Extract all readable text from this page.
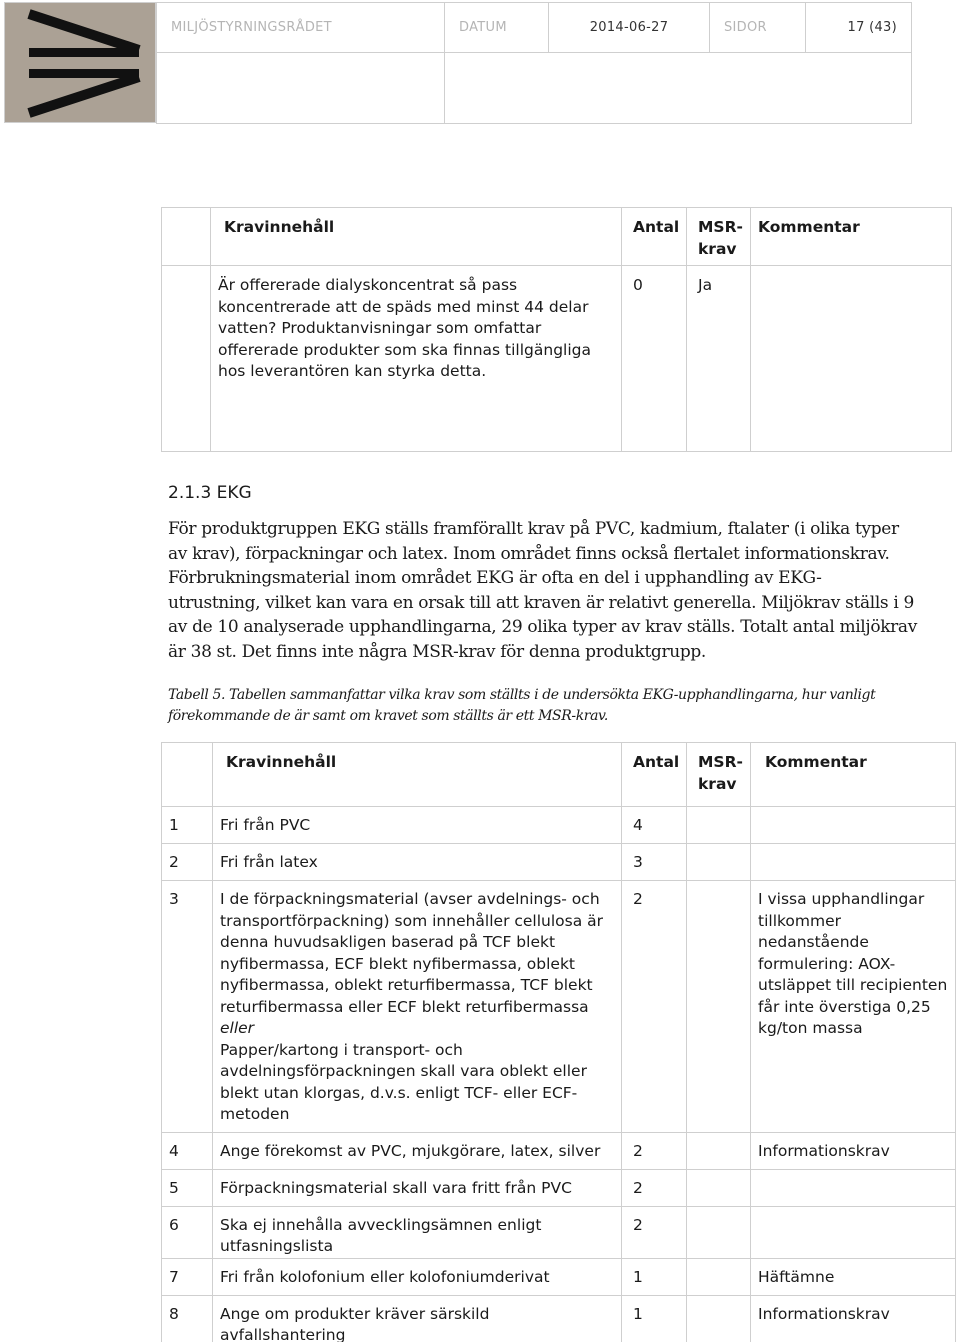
MILJÖSTYRNINGSRÅDET	DATUM	2014-06-27	SIDOR	17 (43)

	Kravinnehåll	Antal	MSR-krav	Kommentar
	Är offererade dialyskoncentrat så pass koncentrerade att de späds med minst 44 delar vatten? Produktanvisningar som omfattar offererade produkter som ska finnas tillgängliga hos leverantören kan styrka detta.	0	Ja	
2.1.3 EKG
För produktgruppen EKG ställs framförallt krav på PVC, kadmium, ftalater (i olika typer
av krav), förpackningar och latex. Inom området finns också flertalet informationskrav.
Förbrukningsmaterial inom området EKG är ofta en del i upphandling av EKG-
utrustning, vilket kan vara en orsak till att kraven är relativt generella. Miljökrav ställs i 9
av de 10 analyserade upphandlingarna, 29 olika typer av krav ställs. Totalt antal miljökrav
är 38 st. Det finns inte några MSR-krav för denna produktgrupp.
Tabell 5. Tabellen sammanfattar vilka krav som ställts i de undersökta EKG-upphandlingarna, hur vanligt
förekommande de är samt om kravet som ställts är ett MSR-krav.
	Kravinnehåll	Antal	MSR-krav	Kommentar
1	Fri från PVC	4		
2	Fri från latex	3		
3	I de förpackningsmaterial (avser avdelnings- och transportförpackning) som innehåller cellulosa är denna huvudsakligen baserad på TCF blekt nyfibermassa, ECF blekt nyfibermassa, oblekt nyfibermassa, oblekt returfibermassa, TCF blekt returfibermassa eller ECF blekt returfibermassa
eller
Papper/kartong i transport- och avdelningsförpackningen skall vara oblekt eller blekt utan klorgas, d.v.s. enligt TCF- eller ECF-metoden	2		I vissa upphandlingar tillkommer nedanstående formulering: AOX-utsläppet till recipienten får inte överstiga 0,25 kg/ton massa
4	Ange förekomst av PVC, mjukgörare, latex, silver	2		Informationskrav
5	Förpackningsmaterial skall vara fritt från PVC	2		
6	Ska ej innehålla avvecklingsämnen enligt utfasningslista	2		
7	Fri från kolofonium eller kolofoniumderivat	1		Häftämne
8	Ange om produkter kräver särskild avfallshantering	1		Informationskrav
